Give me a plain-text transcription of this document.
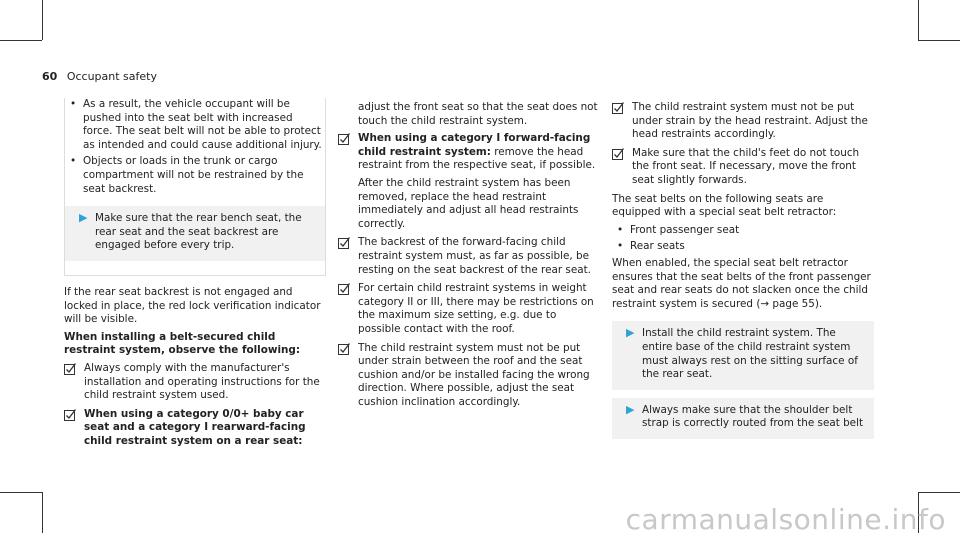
60 Occupant safety
• As a result, the vehicle occupant will be pushed into the seat belt with increased force. The seat belt will not be able to protect as intended and could cause additional injury.
• Objects or loads in the trunk or cargo compartment will not be restrained by the seat backrest.
▶ Make sure that the rear bench seat, the rear seat and the seat backrest are engaged before every trip.

If the rear seat backrest is not engaged and locked in place, the red lock verification indicator will be visible.

When installing a belt-secured child restraint system, observe the following:

Always comply with the manufacturer's installation and operating instructions for the child restraint system used.
When using a category 0/0+ baby car seat and a category I rearward-facing child restraint system on a rear seat:

adjust the front seat so that the seat does not touch the child restraint system.

When using a category I forward-facing child restraint system: remove the head restraint from the respective seat, if possible.

After the child restraint system has been removed, replace the head restraint immediately and adjust all head restraints correctly.

The backrest of the forward-facing child restraint system must, as far as possible, be resting on the seat backrest of the rear seat.
For certain child restraint systems in weight category II or III, there may be restrictions on the maximum size setting, e.g. due to possible contact with the roof.
The child restraint system must not be put under strain between the roof and the seat cushion and/or be installed facing the wrong direction. Where possible, adjust the seat cushion inclination accordingly.
The child restraint system must not be put under strain by the head restraint. Adjust the head restraints accordingly.
Make sure that the child's feet do not touch the front seat. If necessary, move the front seat slightly forwards.

The seat belts on the following seats are equipped with a special seat belt retractor:

• Front passenger seat
• Rear seats

When enabled, the special seat belt retractor ensures that the seat belts of the front passenger seat and rear seats do not slacken once the child restraint system is secured (→ page 55).

▶ Install the child restraint system. The entire base of the child restraint system must always rest on the sitting surface of the rear seat.
▶ Always make sure that the shoulder belt strap is correctly routed from the seat belt
carmanualsonline.info
